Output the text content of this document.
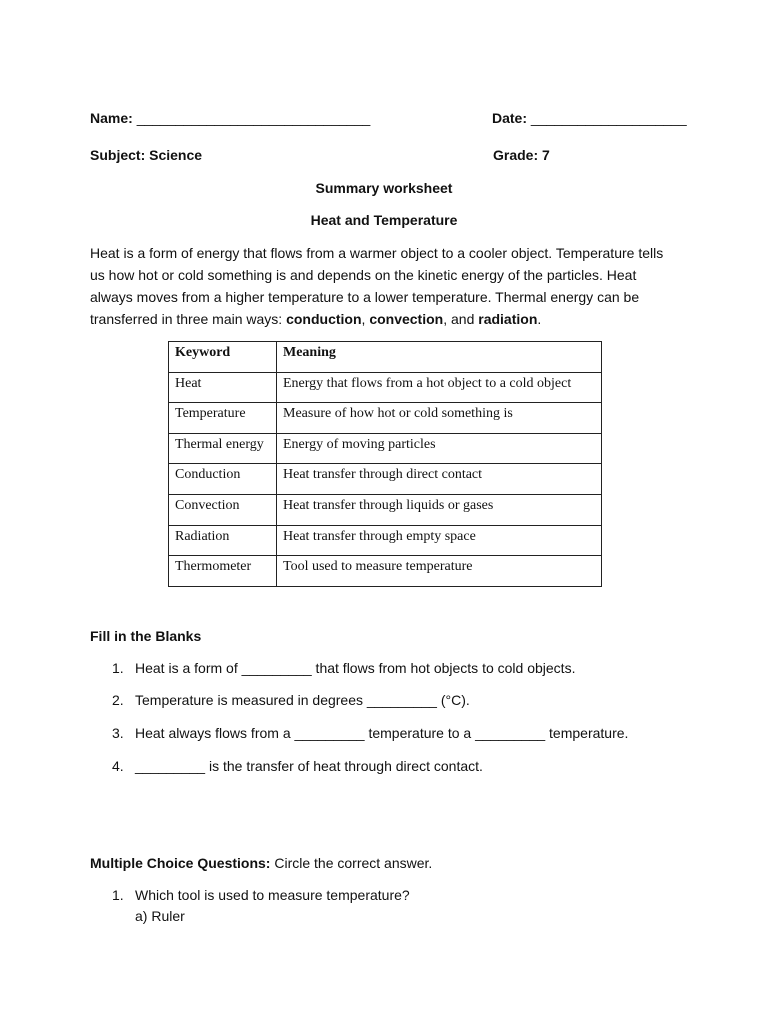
Name: ______________________________	Date: ____________________
Subject: Science	Grade: 7
Summary worksheet
Heat and Temperature
Heat is a form of energy that flows from a warmer object to a cooler object. Temperature tells us how hot or cold something is and depends on the kinetic energy of the particles. Heat always moves from a higher temperature to a lower temperature. Thermal energy can be transferred in three main ways: conduction, convection, and radiation.
Keyword	Meaning
Heat	Energy that flows from a hot object to a cold object
Temperature	Measure of how hot or cold something is
Thermal energy	Energy of moving particles
Conduction	Heat transfer through direct contact
Convection	Heat transfer through liquids or gases
Radiation	Heat transfer through empty space
Thermometer	Tool used to measure temperature
Fill in the Blanks
1. Heat is a form of _________ that flows from hot objects to cold objects.
2. Temperature is measured in degrees _________ (°C).
3. Heat always flows from a _________ temperature to a _________ temperature.
4. _________ is the transfer of heat through direct contact.
Multiple Choice Questions: Circle the correct answer.
1. Which tool is used to measure temperature?
a) Ruler
